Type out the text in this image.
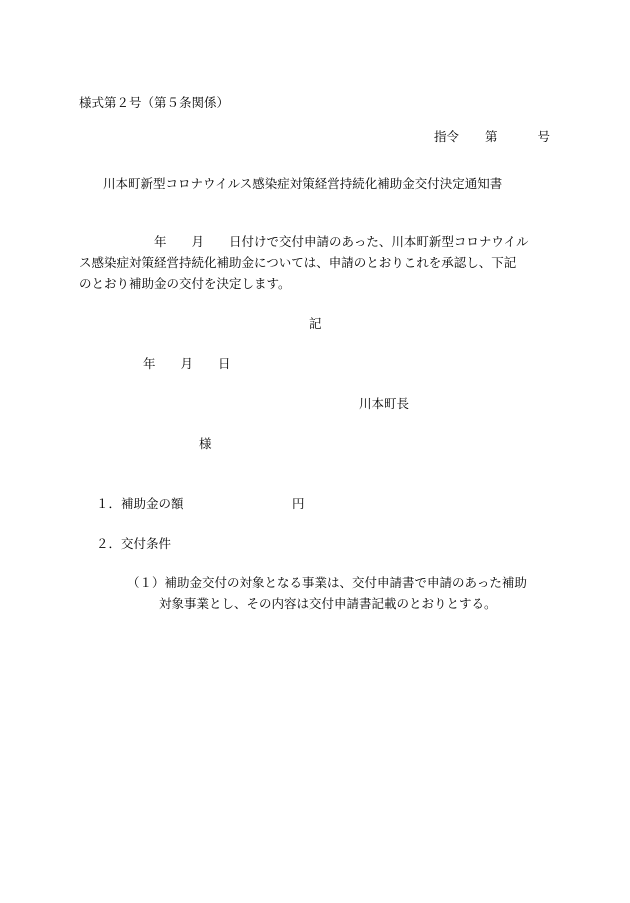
様式第２号（第５条関係）

指令 第	号

川本町新型コロナウイルス感染症対策経営持続化補助金交付決定通知書

　　　　　　年　　月　　日付けで交付申請のあった、川本町新型コロナウイル

ス感染症対策経営持続化補助金については、申請のとおりこれを承認し、下記

のとおり補助金の交付を決定します。

記
年　　月　　日
川本町長
様
１．補助金の額	円
２．交付条件
（１）補助金交付の対象となる事業は、交付申請書で申請のあった補助
対象事業とし、その内容は交付申請書記載のとおりとする。
